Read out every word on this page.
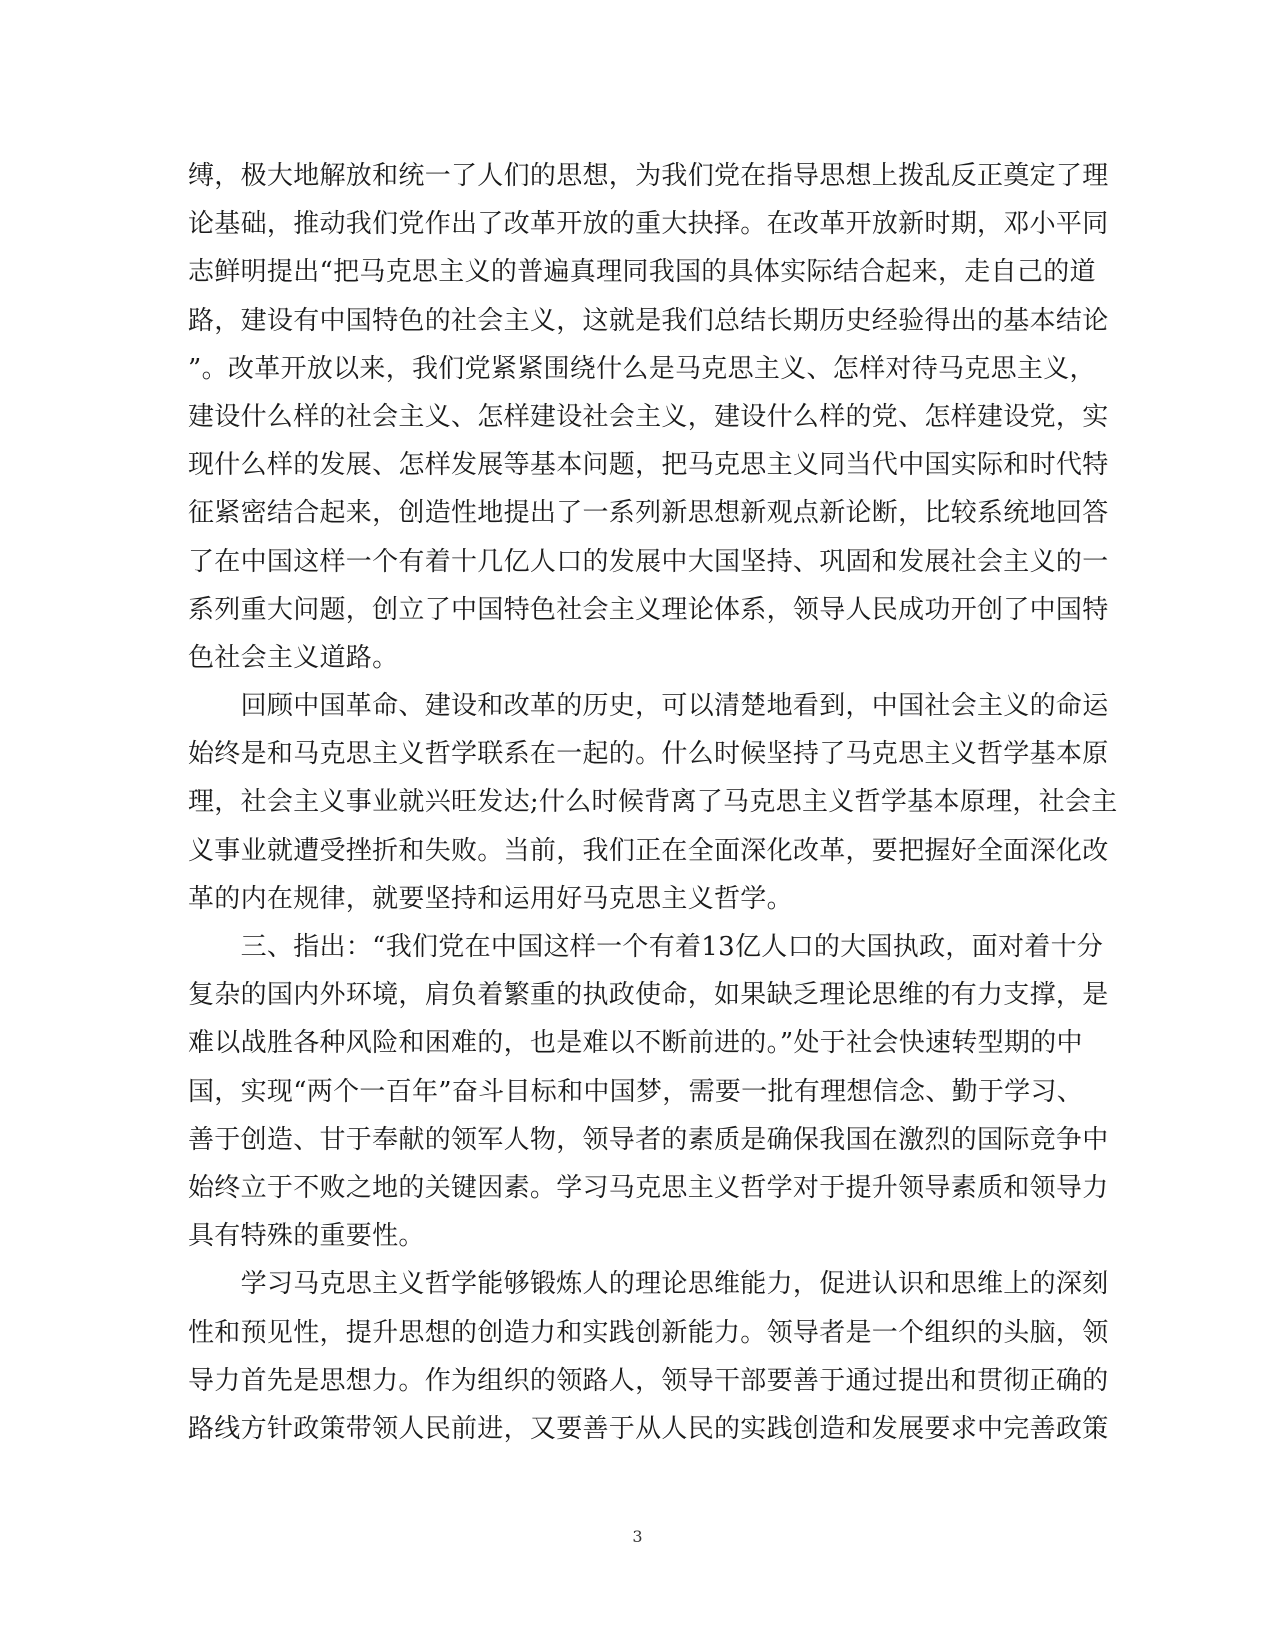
缚，极大地解放和统一了人们的思想，为我们党在指导思想上拨乱反正奠定了理
论基础，推动我们党作出了改革开放的重大抉择。在改革开放新时期，邓小平同
志鲜明提出“把马克思主义的普遍真理同我国的具体实际结合起来，走自己的道
路，建设有中国特色的社会主义，这就是我们总结长期历史经验得出的基本结论
”。改革开放以来，我们党紧紧围绕什么是马克思主义、怎样对待马克思主义，
建设什么样的社会主义、怎样建设社会主义，建设什么样的党、怎样建设党，实
现什么样的发展、怎样发展等基本问题，把马克思主义同当代中国实际和时代特
征紧密结合起来，创造性地提出了一系列新思想新观点新论断，比较系统地回答
了在中国这样一个有着十几亿人口的发展中大国坚持、巩固和发展社会主义的一
系列重大问题，创立了中国特色社会主义理论体系，领导人民成功开创了中国特
色社会主义道路。
　　回顾中国革命、建设和改革的历史，可以清楚地看到，中国社会主义的命运
始终是和马克思主义哲学联系在一起的。什么时候坚持了马克思主义哲学基本原
理，社会主义事业就兴旺发达;什么时候背离了马克思主义哲学基本原理，社会主
义事业就遭受挫折和失败。当前，我们正在全面深化改革，要把握好全面深化改
革的内在规律，就要坚持和运用好马克思主义哲学。
　　三、指出：“我们党在中国这样一个有着13亿人口的大国执政，面对着十分
复杂的国内外环境，肩负着繁重的执政使命，如果缺乏理论思维的有力支撑，是
难以战胜各种风险和困难的，也是难以不断前进的。”处于社会快速转型期的中
国，实现“两个一百年”奋斗目标和中国梦，需要一批有理想信念、勤于学习、
善于创造、甘于奉献的领军人物，领导者的素质是确保我国在激烈的国际竞争中
始终立于不败之地的关键因素。学习马克思主义哲学对于提升领导素质和领导力
具有特殊的重要性。
　　学习马克思主义哲学能够锻炼人的理论思维能力，促进认识和思维上的深刻
性和预见性，提升思想的创造力和实践创新能力。领导者是一个组织的头脑，领
导力首先是思想力。作为组织的领路人，领导干部要善于通过提出和贯彻正确的
路线方针政策带领人民前进，又要善于从人民的实践创造和发展要求中完善政策
3
